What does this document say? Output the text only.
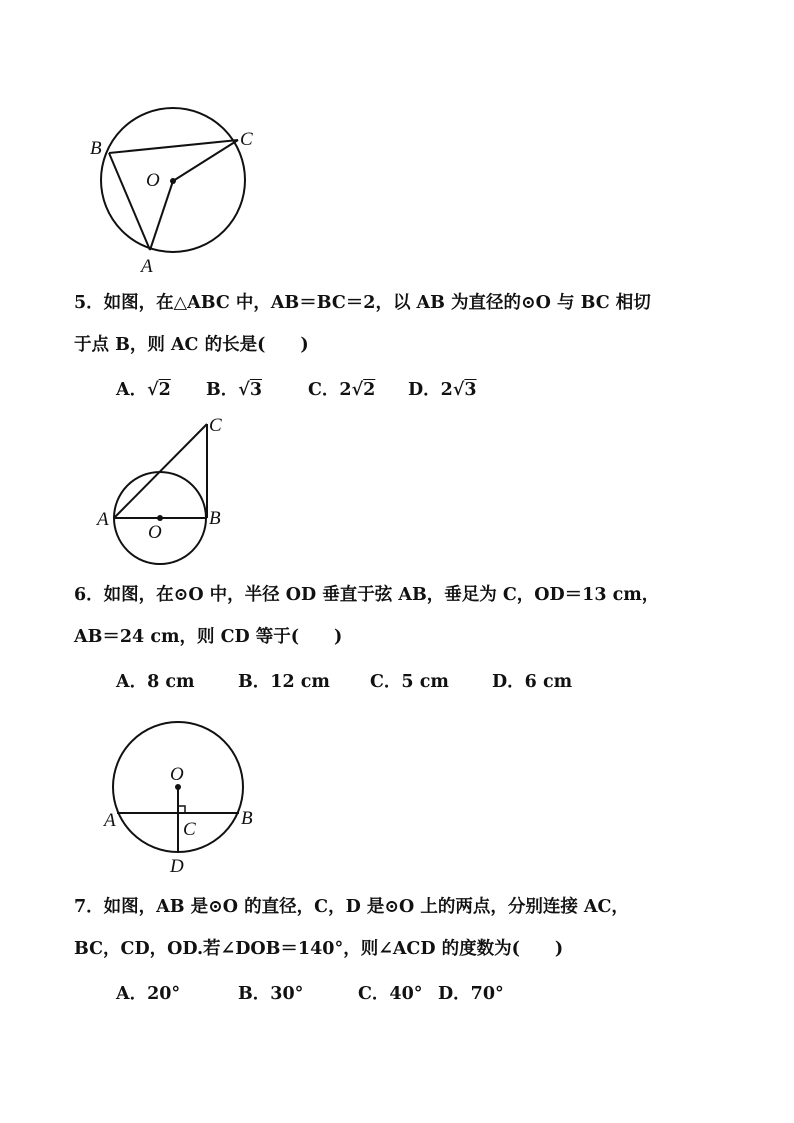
B	C
O
A
5．如图，在△ABC 中，AB＝BC＝2，以 AB 为直径的⊙O 与 BC 相切
于点 B，则 AC 的长是(　　)
A．√2 B．√3	C．2√2 D．2√3
A	B
C
O
6．如图，在⊙O 中，半径 OD 垂直于弦 AB，垂足为 C，OD＝13 cm，
AB＝24 cm，则 CD 等于(　　)
A．8 cm B．12 cm C．5 cm D．6 cm
O
A	B
C
D
7．如图，AB 是⊙O 的直径，C，D 是⊙O 上的两点，分别连接 AC，
BC，CD，OD.若∠DOB＝140°，则∠ACD 的度数为(　　)
A．20°	B．30°	C．40° D．70°
